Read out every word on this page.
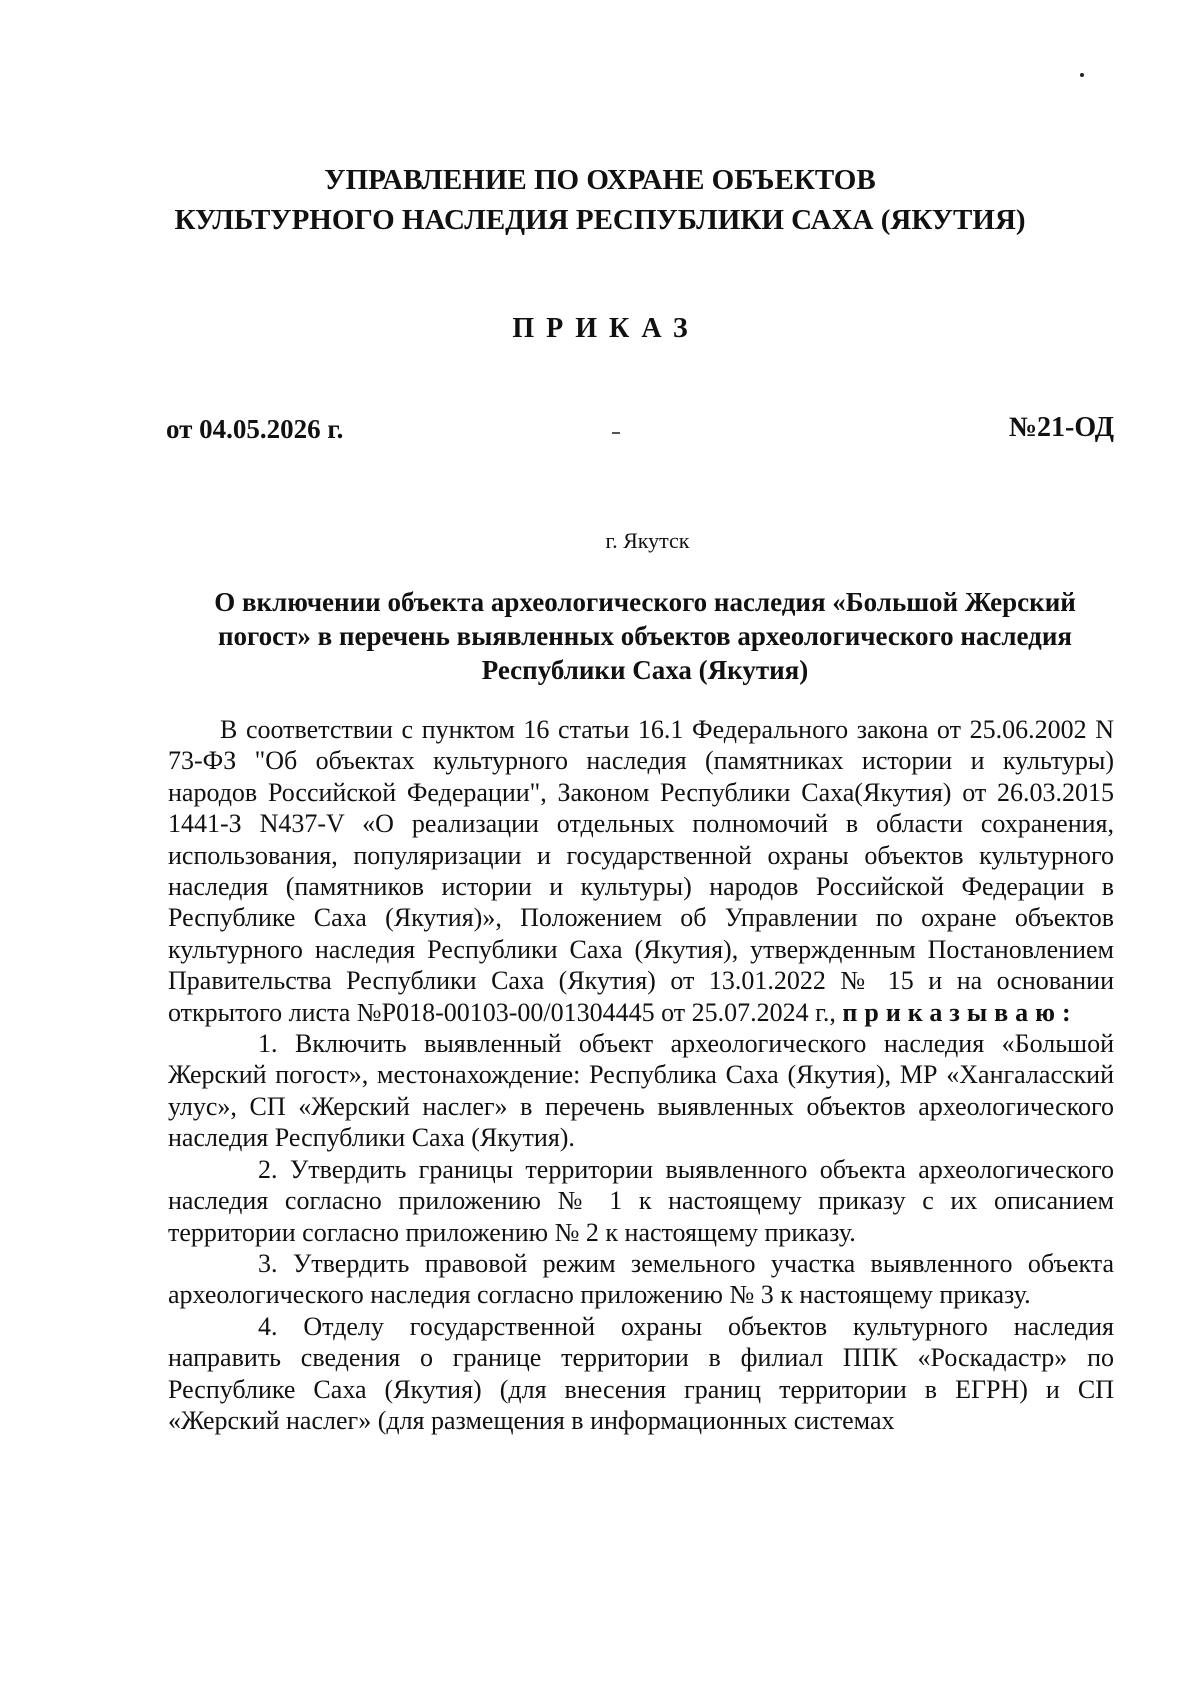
УПРАВЛЕНИЕ ПО ОХРАНЕ ОБЪЕКТОВ
КУЛЬТУРНОГО НАСЛЕДИЯ РЕСПУБЛИКИ САХА (ЯКУТИЯ)
ПРИКАЗ
от 04.05.2026 г.	№21-ОД
г. Якутск
О включении объекта археологического наследия «Большой Жерский
погост» в перечень выявленных объектов археологического наследия
Республики Саха (Якутия)

В соответствии с пунктом 16 статьи 16.1 Федерального закона от 25.06.2002 N 73-ФЗ "Об объектах культурного наследия (памятниках истории и культуры) народов Российской Федерации", Законом Республики Саха(Якутия) от 26.03.2015 1441-З N437-V «О реализации отдельных полномочий в области сохранения, использования, популяризации и государственной охраны объектов культурного наследия (памятников истории и культуры) народов Российской Федерации в Республике Саха (Якутия)», Положением об Управлении по охране объектов культурного наследия Республики Саха (Якутия), утвержденным Постановлением Правительства Республики Саха (Якутия) от 13.01.2022 № 15 и на основании открытого листа №Р018-00103-00/01304445 от 25.07.2024 г., приказываю:

1. Включить выявленный объект археологического наследия «Большой Жерский погост», местонахождение: Республика Саха (Якутия), МР «Хангаласский улус», СП «Жерский наслег» в перечень выявленных объектов археологического наследия Республики Саха (Якутия).

2. Утвердить границы территории выявленного объекта археологического наследия согласно приложению № 1 к настоящему приказу с их описанием территории согласно приложению № 2 к настоящему приказу.

3. Утвердить правовой режим земельного участка выявленного объекта археологического наследия согласно приложению № 3 к настоящему приказу.

4. Отделу государственной охраны объектов культурного наследия направить сведения о границе территории в филиал ППК «Роскадастр» по Республике Саха (Якутия) (для внесения границ территории в ЕГРН) и СП «Жерский наслег» (для размещения в информационных системах
